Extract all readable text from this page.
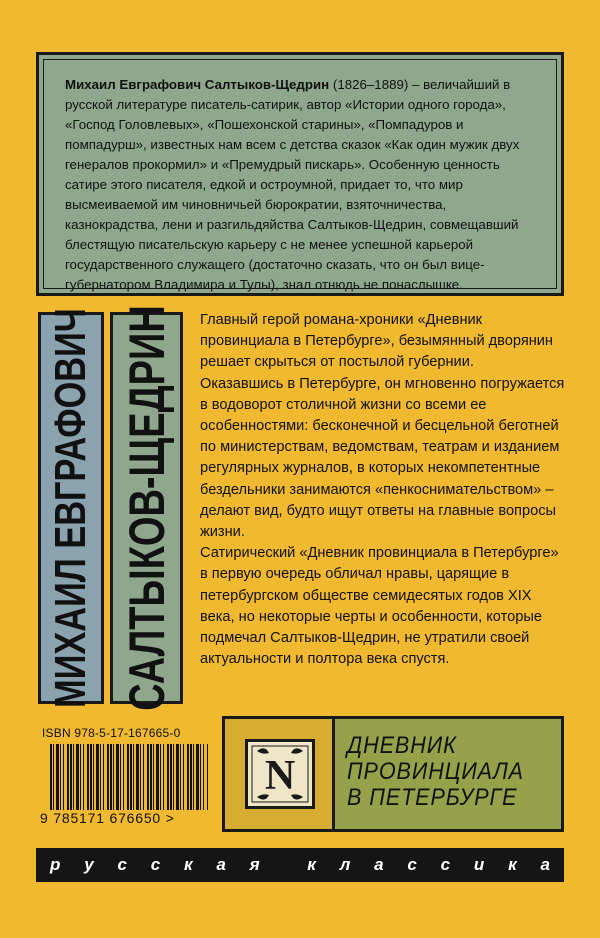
Михаил Евграфович Салтыков-Щедрин (1826–1889) – величайший в русской литературе писатель-сатирик, автор «Истории одного города», «Господ Головлевых», «Пошехонской старины», «Помпадуров и помпадурш», известных нам всем с детства сказок «Как один мужик двух генералов прокормил» и «Премудрый пискарь». Особенную ценность сатире этого писателя, едкой и остроумной, придает то, что мир высмеиваемой им чиновничьей бюрократии, взяточничества, казнокрадства, лени и разгильдяйства Салтыков-Щедрин, совмещавший блестящую писательскую карьеру с не менее успешной карьерой государственного служащего (достаточно сказать, что он был вице-губернатором Владимира и Тулы), знал отнюдь не понаслышке.
МИХАИЛ ЕВГРАФОВИЧ САЛТЫКОВ-ЩЕДРИН Главный герой романа-хроники «Дневник провинциала в Петербурге», безымянный дворянин решает скрыться от постылой губернии.

Оказавшись в Петербурге, он мгновенно погружается в водоворот столичной жизни со всеми ее особенностями: бесконечной и бесцельной беготней по министерствам, ведомствам, театрам и изданием регулярных журналов, в которых некомпетентные бездельники занимаются «пенкоснимательством» – делают вид, будто ищут ответы на главные вопросы жизни.

Сатирический «Дневник провинциала в Петербурге» в первую очередь обличал нравы, царящие в петербургском обществе семидесятых годов XIX века, но некоторые черты и особенности, которые подмечал Салтыков-Щедрин, не утратили своей актуальности и полтора века спустя.

ISBN 978-5-17-167665-0
9 785171 676650 >
N
ДНЕВНИК
ПРОВИНЦИАЛА
В ПЕТЕРБУРГЕ
р у с с к а я	к л а с с и к а
